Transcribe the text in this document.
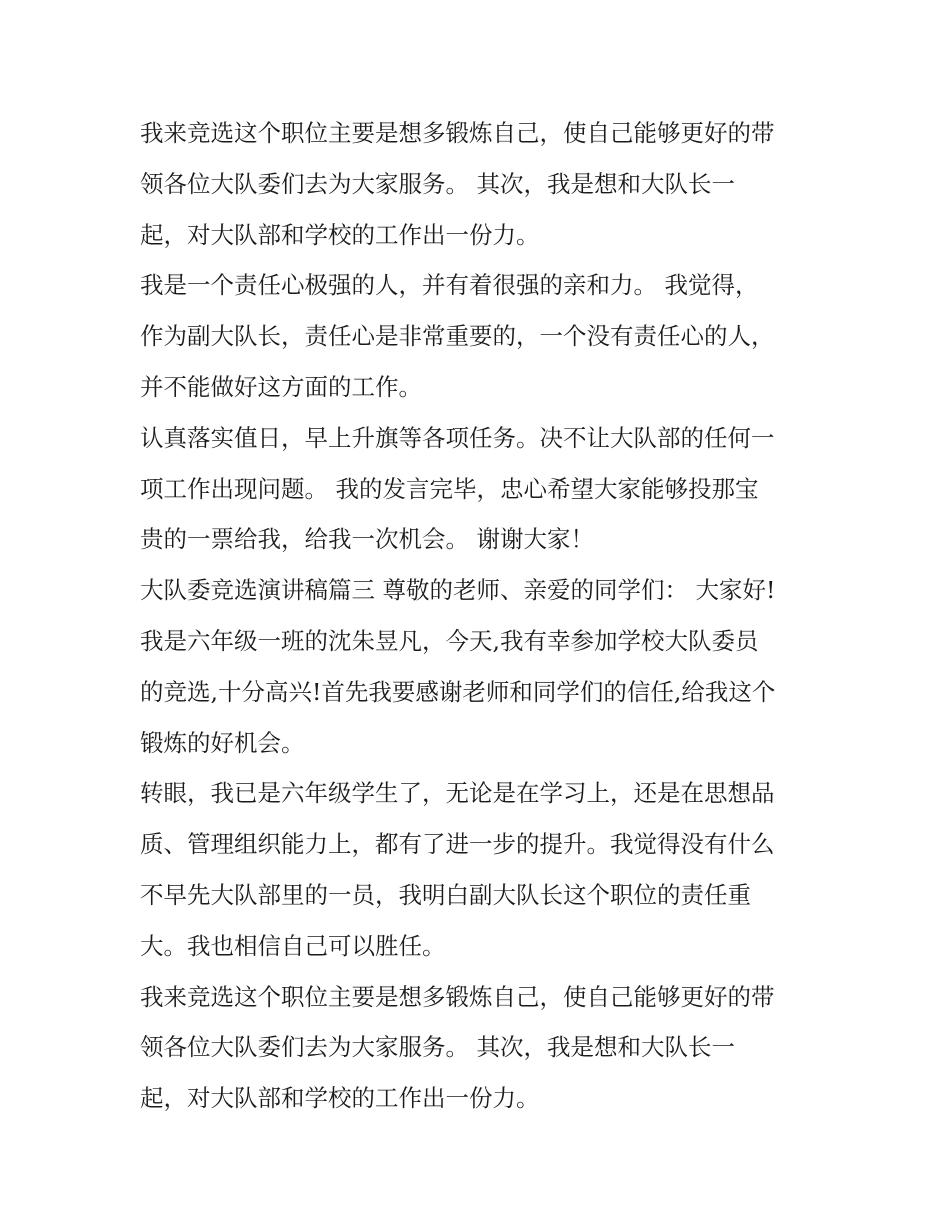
我来竞选这个职位主要是想多锻炼自己，使自己能够更好的带
领各位大队委们去为大家服务。 其次，我是想和大队长一
起，对大队部和学校的工作出一份力。
我是一个责任心极强的人，并有着很强的亲和力。 我觉得，
作为副大队长，责任心是非常重要的，一个没有责任心的人，
并不能做好这方面的工作。
认真落实值日，早上升旗等各项任务。决不让大队部的任何一
项工作出现问题。 我的发言完毕，忠心希望大家能够投那宝
贵的一票给我，给我一次机会。 谢谢大家！
大队委竞选演讲稿篇三 尊敬的老师、亲爱的同学们： 大家好!
我是六年级一班的沈朱昱凡，今天,我有幸参加学校大队委员
的竞选,十分高兴!首先我要感谢老师和同学们的信任,给我这个
锻炼的好机会。
转眼，我已是六年级学生了，无论是在学习上，还是在思想品
质、管理组织能力上，都有了进一步的提升。我觉得没有什么
不早先大队部里的一员，我明白副大队长这个职位的责任重
大。我也相信自己可以胜任。
我来竞选这个职位主要是想多锻炼自己，使自己能够更好的带
领各位大队委们去为大家服务。 其次，我是想和大队长一
起，对大队部和学校的工作出一份力。
